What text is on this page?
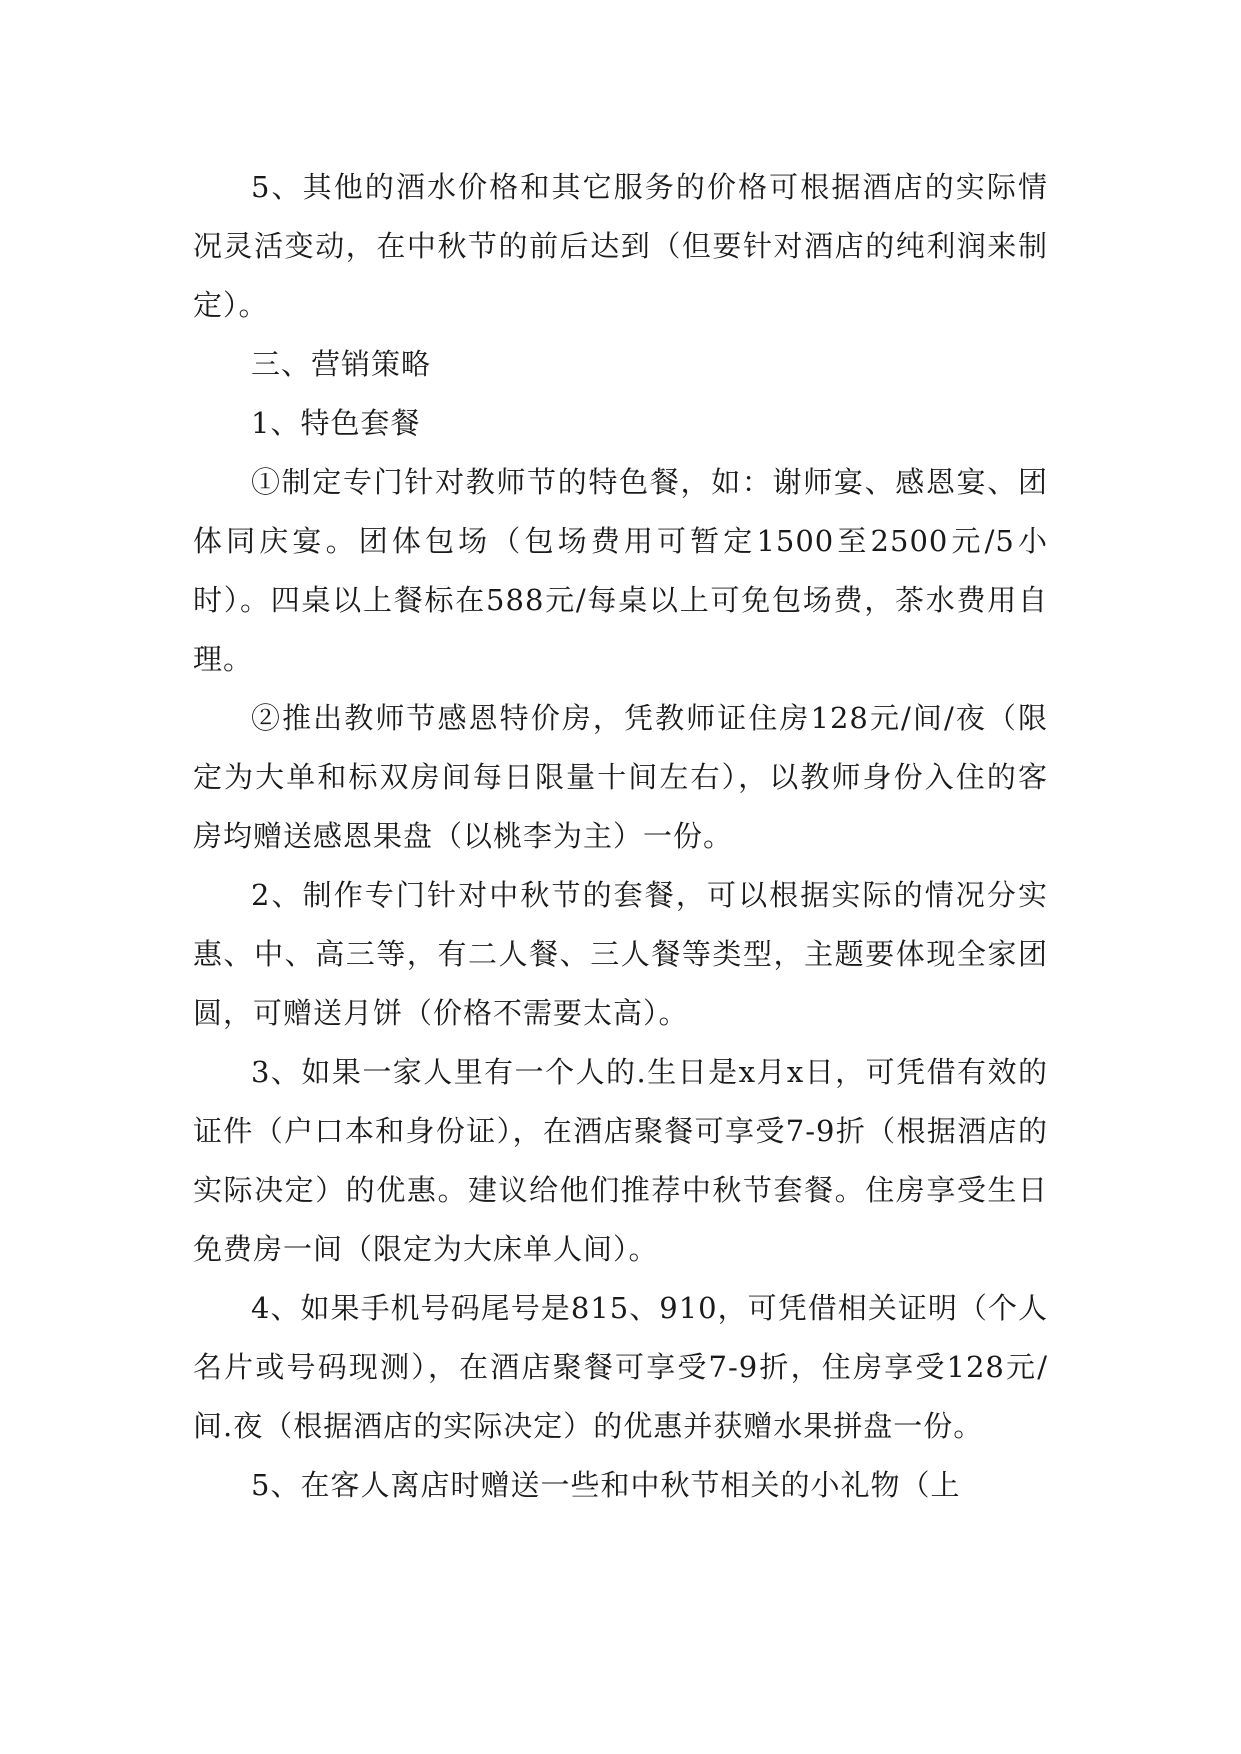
5、其他的酒水价格和其它服务的价格可根据酒店的实际情况灵活变动，在中秋节的前后达到（但要针对酒店的纯利润来制定）。

三、营销策略

1、特色套餐

①制定专门针对教师节的特色餐，如：谢师宴、感恩宴、团体同庆宴。团体包场（包场费用可暂定1500至2500元/5小时）。四桌以上餐标在588元/每桌以上可免包场费，茶水费用自理。

②推出教师节感恩特价房，凭教师证住房128元/间/夜（限定为大单和标双房间每日限量十间左右），以教师身份入住的客房均赠送感恩果盘（以桃李为主）一份。

2、制作专门针对中秋节的套餐，可以根据实际的情况分实惠、中、高三等，有二人餐、三人餐等类型，主题要体现全家团圆，可赠送月饼（价格不需要太高）。

3、如果一家人里有一个人的.生日是x月x日，可凭借有效的证件（户口本和身份证），在酒店聚餐可享受7-9折（根据酒店的实际决定）的优惠。建议给他们推荐中秋节套餐。住房享受生日免费房一间（限定为大床单人间）。

4、如果手机号码尾号是815、910，可凭借相关证明（个人名片或号码现测），在酒店聚餐可享受7-9折，住房享受128元/间.夜（根据酒店的实际决定）的优惠并获赠水果拼盘一份。

5、在客人离店时赠送一些和中秋节相关的小礼物（上
